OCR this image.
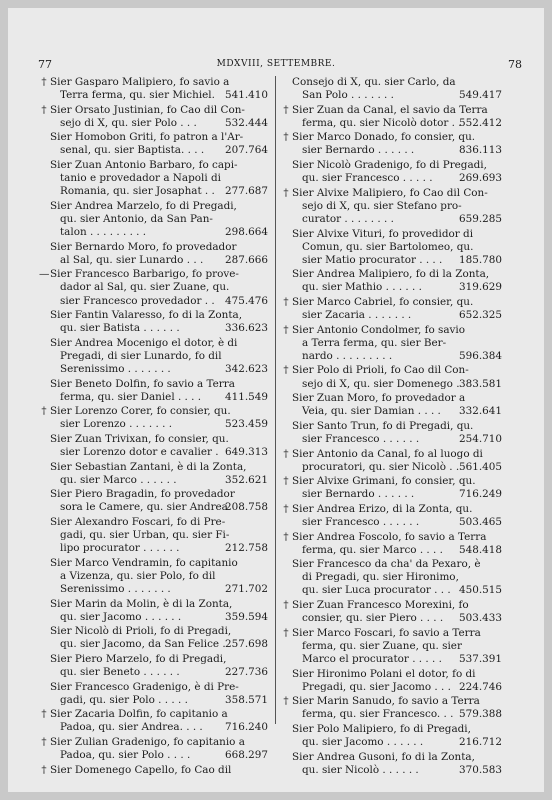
77	MDXVIII, SETTEMBRE.	78
† Sier Gasparo Malipiero, fo savio a
Terra ferma, qu. sier Michiel. 541.410
† Sier Orsato Justinian, fo Cao dil Con-
sejo di X, qu. sier Polo . . .	532.444
Sier Homobon Griti, fo patron a l'Ar-
senal, qu. sier Baptista. . . .	207.764
Sier Zuan Antonio Barbaro, fo capi-
tanio e provedador a Napoli di
Romania, qu. sier Josaphat . . 277.687
Sier Andrea Marzelo, fo di Pregadi,
qu. sier Antonio, da San Pan-
talon . . . . . . . . .	298.664
Sier Bernardo Moro, fo provedador
al Sal, qu. sier Lunardo . . .	287.666
— Sier Francesco Barbarigo, fo prove-
dador al Sal, qu. sier Zuane, qu.
sier Francesco provedador . . 475.476
Sier Fantin Valaresso, fo di la Zonta,
qu. sier Batista . . . . . .	336.623
Sier Andrea Mocenigo el dotor, è di
Pregadi, di sier Lunardo, fo dil
Serenissimo . . . . . . .	342.623
Sier Beneto Dolfin, fo savio a Terra
ferma, qu. sier Daniel . . . .	411.549
† Sier Lorenzo Corer, fo consier, qu.
sier Lorenzo . . . . . . .	523.459
Sier Zuan Trivixan, fo consier, qu.
sier Lorenzo dotor e cavalier . 649.313
Sier Sebastian Zantani, è di la Zonta,
qu. sier Marco . . . . . .	352.621
Sier Piero Bragadin, fo provedador
sora le Camere, qu. sier Andrea
208.758
Sier Alexandro Foscari, fo di Pre-
gadi, qu. sier Urban, qu. sier Fi-
lipo procurator . . . . . .	212.758
Sier Marco Vendramin, fo capitanio
a Vizenza, qu. sier Polo, fo dil
Serenissimo . . . . . . .	271.702
Sier Marin da Molin, è di la Zonta,
qu. sier Jacomo . . . . . .	359.594
Sier Nicolò di Prioli, fo di Pregadi,
qu. sier Jacomo, da San Felice . 257.698
Sier Piero Marzelo, fo di Pregadi,
qu. sier Beneto . . . . . .	227.736
Sier Francesco Gradenigo, è di Pre-
gadi, qu. sier Polo . . . . .	358.571
† Sier Zacaria Dolfin, fo capitanio a
Padoa, qu. sier Andrea. . . .	716.240
† Sier Zulian Gradenigo, fo capitanio a
Padoa, qu. sier Polo . . . .	668.297
† Sier Domenego Capello, fo Cao dil
Consejo di X, qu. sier Carlo, da
San Polo . . . . . . .	549.417
† Sier Zuan da Canal, el savio da Terra
ferma, qu. sier Nicolò dotor . .
552.412
† Sier Marco Donado, fo consier, qu.
sier Bernardo . . . . . .	836.113
Sier Nicolò Gradenigo, fo di Pregadi,
qu. sier Francesco . . . . .	269.693
† Sier Alvixe Malipiero, fo Cao dil Con-
sejo di X, qu. sier Stefano pro-
curator . . . . . . . .	659.285
Sier Alvixe Vituri, fo provedidor di
Comun, qu. sier Bartolomeo, qu.
sier Matio procurator . . . .	185.780
Sier Andrea Malipiero, fo di la Zonta,
qu. sier Mathio . . . . . .	319.629
† Sier Marco Cabriel, fo consier, qu.
sier Zacaria . . . . . . .	652.325
† Sier Antonio Condolmer, fo savio
a Terra ferma, qu. sier Ber-
nardo . . . . . . . . .	596.384
† Sier Polo di Prioli, fo Cao dil Con-
sejo di X, qu. sier Domenego . 383.581
Sier Zuan Moro, fo provedador a
Veia, qu. sier Damian . . . .	332.641
Sier Santo Trun, fo di Pregadi, qu.
sier Francesco . . . . . .	254.710
† Sier Antonio da Canal, fo al luogo di
procuratori, qu. sier Nicolò . . 561.405
† Sier Alvixe Grimani, fo consier, qu.
sier Bernardo . . . . . .	716.249
† Sier Andrea Erizo, di la Zonta, qu.
sier Francesco . . . . . .	503.465
† Sier Andrea Foscolo, fo savio a Terra
ferma, qu. sier Marco . . . .	548.418
Sier Francesco da cha' da Pexaro, è
di Pregadi, qu. sier Hironimo,
qu. sier Luca procurator . . . 450.515
† Sier Zuan Francesco Morexini, fo
consier, qu. sier Piero . . . .	503.433
† Sier Marco Foscari, fo savio a Terra
ferma, qu. sier Zuane, qu. sier
Marco el procurator . . . . .	537.391
Sier Hironimo Polani el dotor, fo di
Pregadi, qu. sier Jacomo . . . 224.746
† Sier Marin Sanudo, fo savio a Terra
ferma, qu. sier Francesco. . . 579.388
Sier Polo Malipiero, fo di Pregadi,
qu. sier Jacomo . . . . . .	216.712
Sier Andrea Gusoni, fo di la Zonta,
qu. sier Nicolò . . . . . .	370.583
